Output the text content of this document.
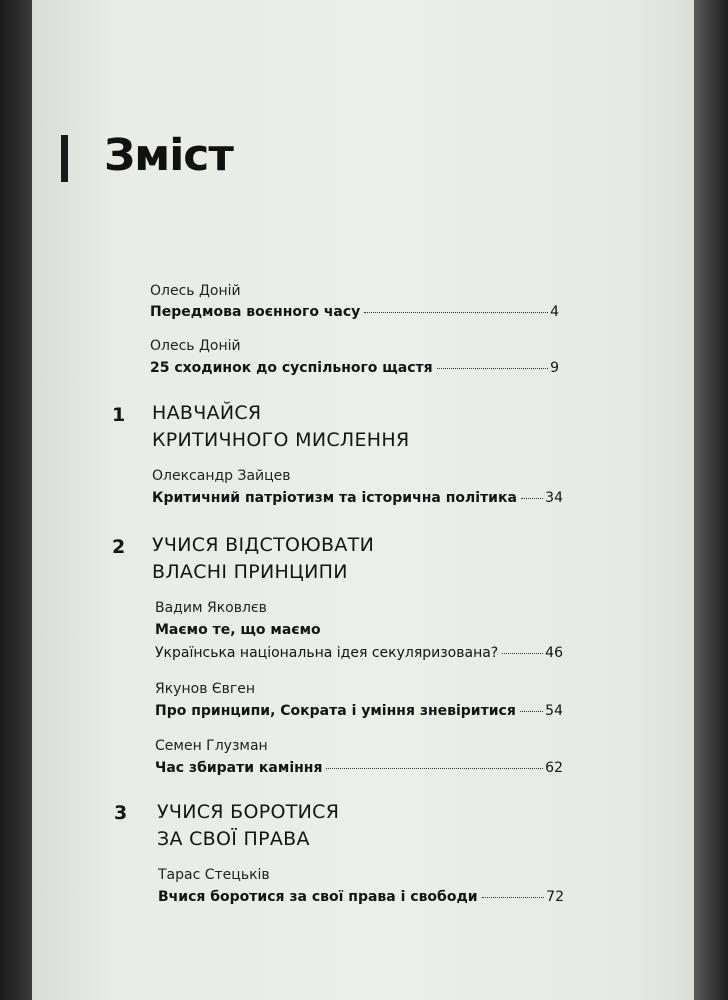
Зміст
Олесь Доній
Передмова воєнного часу	4
Олесь Доній
25 сходинок до суспільного щастя	9
1 НАВЧАЙСЯ
КРИТИЧНОГО МИСЛЕННЯ
Олександр Зайцев
Критичний патріотизм та історична політика 34
2 УЧИСЯ ВІДСТОЮВАТИ
ВЛАСНІ ПРИНЦИПИ
Вадим Яковлєв
Маємо те, що маємо
Українська національна ідея секуляризована?	46
Якунов Євген
Про принципи, Сократа і уміння зневіритися 54
Семен Глузман
Час збирати каміння	62
3 УЧИСЯ БОРОТИСЯ
ЗА СВОЇ ПРАВА
Тарас Стецьків
Вчися боротися за свої права і свободи	72
